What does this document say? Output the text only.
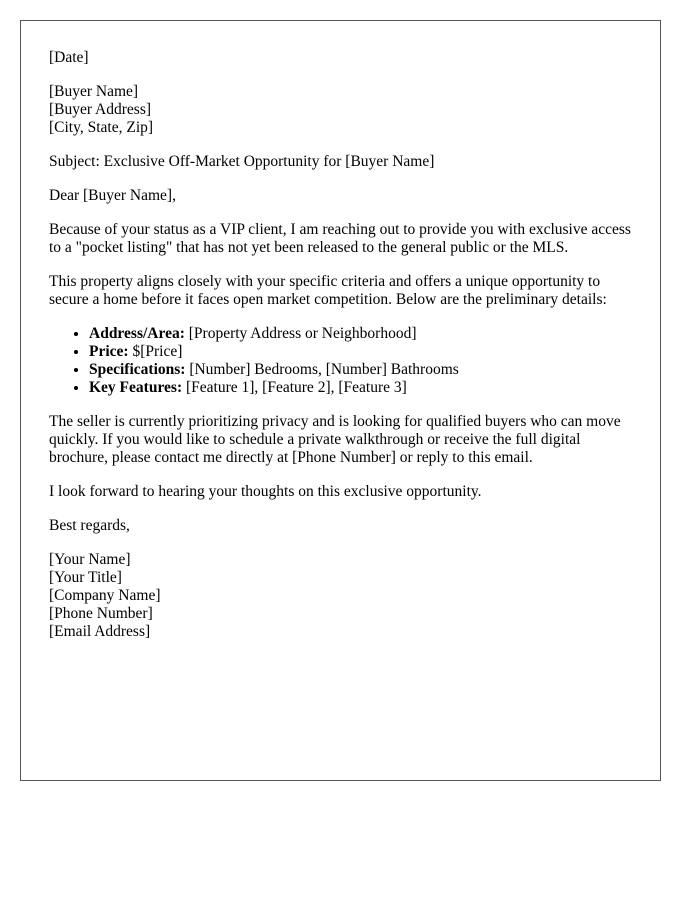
[Date]
[Buyer Name]
[Buyer Address]
[City, State, Zip]

Subject: Exclusive Off-Market Opportunity for [Buyer Name]

Dear [Buyer Name],

Because of your status as a VIP client, I am reaching out to provide you with exclusive access to a "pocket listing" that has not yet been released to the general public or the MLS.

This property aligns closely with your specific criteria and offers a unique opportunity to secure a home before it faces open market competition. Below are the preliminary details:

• Address/Area: [Property Address or Neighborhood]
• Price: $[Price]
• Specifications: [Number] Bedrooms, [Number] Bathrooms
• Key Features: [Feature 1], [Feature 2], [Feature 3]

The seller is currently prioritizing privacy and is looking for qualified buyers who can move quickly. If you would like to schedule a private walkthrough or receive the full digital brochure, please contact me directly at [Phone Number] or reply to this email.

I look forward to hearing your thoughts on this exclusive opportunity.

Best regards,

[Your Name]
[Your Title]
[Company Name]
[Phone Number]
[Email Address]
